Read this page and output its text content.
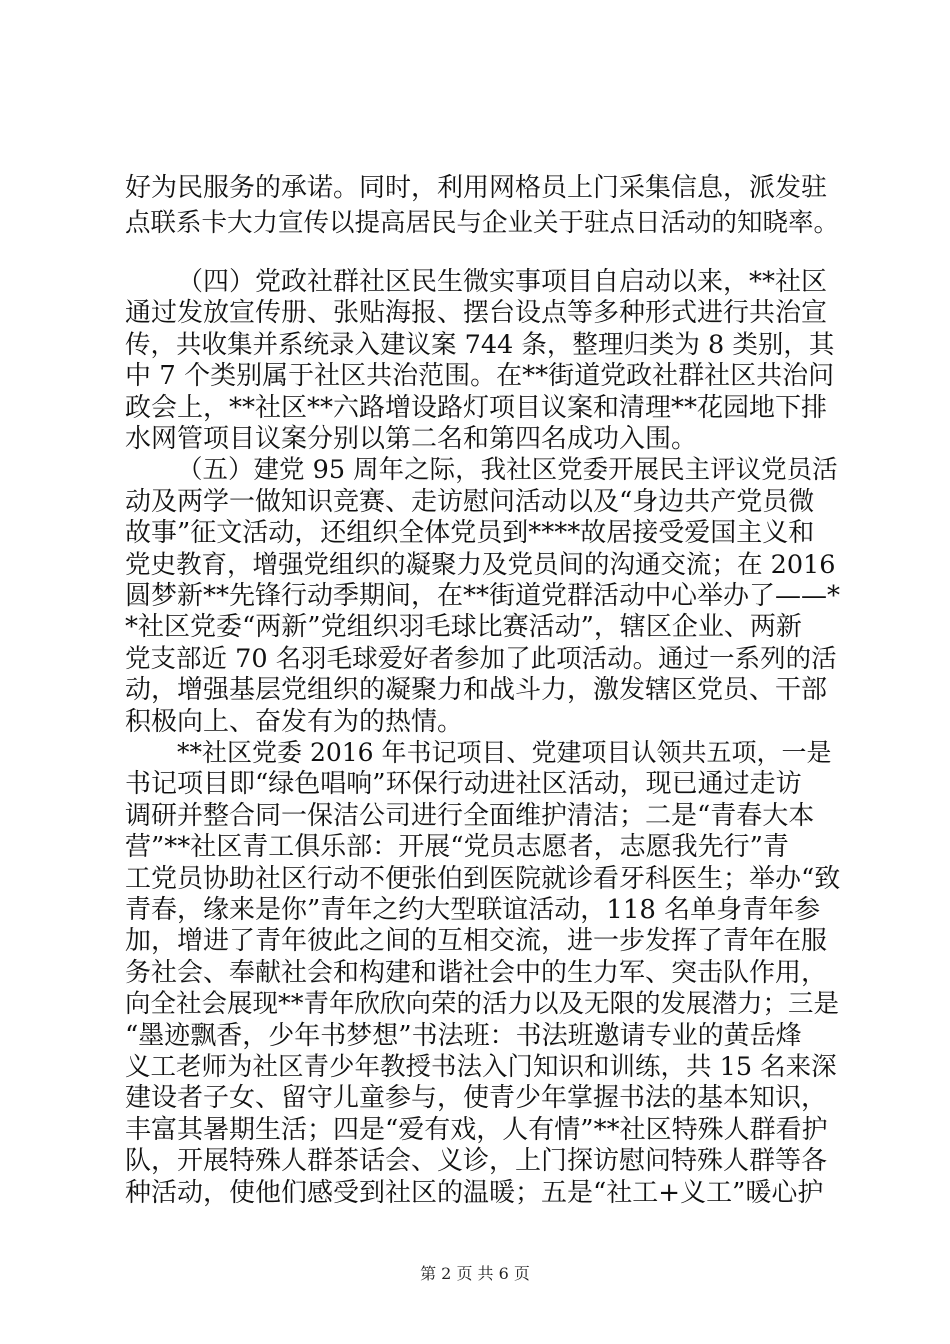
好为民服务的承诺。同时，利用网格员上门采集信息，派发驻
点联系卡大力宣传以提高居民与企业关于驻点日活动的知晓率。
（四）党政社群社区民生微实事项目自启动以来，**社区
通过发放宣传册、张贴海报、摆台设点等多种形式进行共治宣
传，共收集并系统录入建议案 744 条，整理归类为 8 类别，其
中 7 个类别属于社区共治范围。在**街道党政社群社区共治问
政会上，**社区**六路增设路灯项目议案和清理**花园地下排
水网管项目议案分别以第二名和第四名成功入围。
（五）建党 95 周年之际，我社区党委开展民主评议党员活
动及两学一做知识竞赛、走访慰问活动以及“身边共产党员微
故事”征文活动，还组织全体党员到****故居接受爱国主义和
党史教育，增强党组织的凝聚力及党员间的沟通交流；在 2016
圆梦新**先锋行动季期间，在**街道党群活动中心举办了——*
*社区党委“两新”党组织羽毛球比赛活动”，辖区企业、两新
党支部近 70 名羽毛球爱好者参加了此项活动。通过一系列的活
动，增强基层党组织的凝聚力和战斗力，激发辖区党员、干部
积极向上、奋发有为的热情。
**社区党委 2016 年书记项目、党建项目认领共五项，一是
书记项目即“绿色唱响”环保行动进社区活动，现已通过走访
调研并整合同一保洁公司进行全面维护清洁；二是“青春大本
营”**社区青工俱乐部：开展“党员志愿者，志愿我先行”青
工党员协助社区行动不便张伯到医院就诊看牙科医生；举办“致
青春，缘来是你”青年之约大型联谊活动，118 名单身青年参
加，增进了青年彼此之间的互相交流，进一步发挥了青年在服
务社会、奉献社会和构建和谐社会中的生力军、突击队作用，
向全社会展现**青年欣欣向荣的活力以及无限的发展潜力；三是
“墨迹飘香，少年书梦想”书法班：书法班邀请专业的黄岳烽
义工老师为社区青少年教授书法入门知识和训练，共 15 名来深
建设者子女、留守儿童参与，使青少年掌握书法的基本知识，
丰富其暑期生活；四是“爱有戏，人有情”**社区特殊人群看护
队，开展特殊人群茶话会、义诊，上门探访慰问特殊人群等各
种活动，使他们感受到社区的温暖；五是“社工+义工”暖心护
第 2 页 共 6 页
